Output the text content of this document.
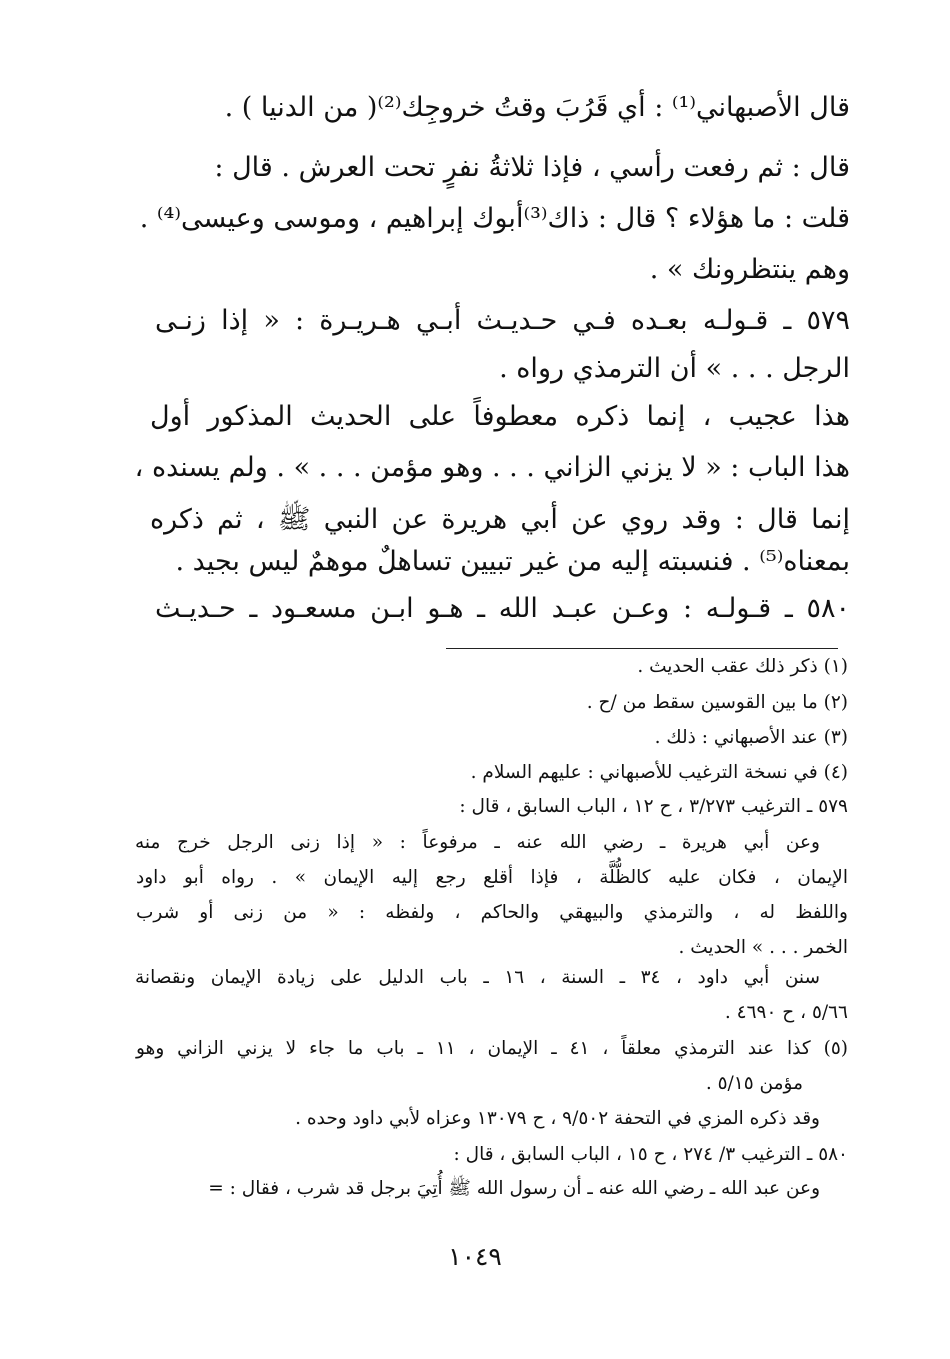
قال الأصبهاني⁽¹⁾ : أي قَرُبَ وقتُ خروجِك⁽²⁾( من الدنيا ) .
قال : ثم رفعت رأسي ، فإذا ثلاثةُ نفرٍ تحت العرش . قال :
قلت : ما هؤلاء ؟ قال : ذاك⁽³⁾أبوك إبراهيم ، وموسى وعيسى⁽⁴⁾ .
وهم ينتظرونك » .
٥٧٩ ـ قـولـه بعـده فـي حـديـث أبـي هـريـرة : « إذا زنـى
الرجل . . . » أن الترمذي رواه .
هذا عجيب ، إنما ذكره معطوفاً على الحديث المذكور أول
هذا الباب : « لا يزني الزاني . . . وهو مؤمن . . . » . ولم يسنده ،
إنما قال : وقد روي عن أبي هريرة عن النبي ﷺ ، ثم ذكره
بمعناه⁽⁵⁾ . فنسبته إليه من غير تبيين تساهلٌ موهمٌ ليس بجيد .
٥٨٠ ـ قـولـه : وعـن عبـد الله ـ هـو ابـن مسعـود ـ حـديـث
(١) ذكر ذلك عقب الحديث .
(٢) ما بين القوسين سقط من /ح .
(٣) عند الأصبهاني : ذلك .
(٤) في نسخة الترغيب للأصبهاني : عليهم السلام .
٥٧٩ ـ الترغيب ٣/٢٧٣ ، ح ١٢ ، الباب السابق ، قال :
وعن أبي هريرة ـ رضي الله عنه ـ مرفوعاً : « إذا زنى الرجل خرج منه
الإيمان ، فكان عليه كالظُّلَّة ، فإذا أقلع رجع إليه الإيمان » . رواه أبو داود
واللفظ له ، والترمذي والبيهقي والحاكم ، ولفظه : « من زنى أو شرب
الخمر . . . » الحديث .
سنن أبي داود ، ٣٤ ـ السنة ، ١٦ ـ باب الدليل على زيادة الإيمان ونقصانة
٥/٦٦ ، ح ٤٦٩٠ .
(٥) كذا عند الترمذي معلقاً ، ٤١ ـ الإيمان ، ١١ ـ باب ما جاء لا يزني الزاني وهو
مؤمن ٥/١٥ .
وقد ذكره المزي في التحفة ٩/٥٠٢ ، ح ١٣٠٧٩ وعزاه لأبي داود وحده .
٥٨٠ ـ الترغيب ٣/ ٢٧٤ ، ح ١٥ ، الباب السابق ، قال :
وعن عبد الله ـ رضي الله عنه ـ أن رسول الله ﷺ أُتِيَ برجل قد شرب ، فقال : =
١٠٤٩
